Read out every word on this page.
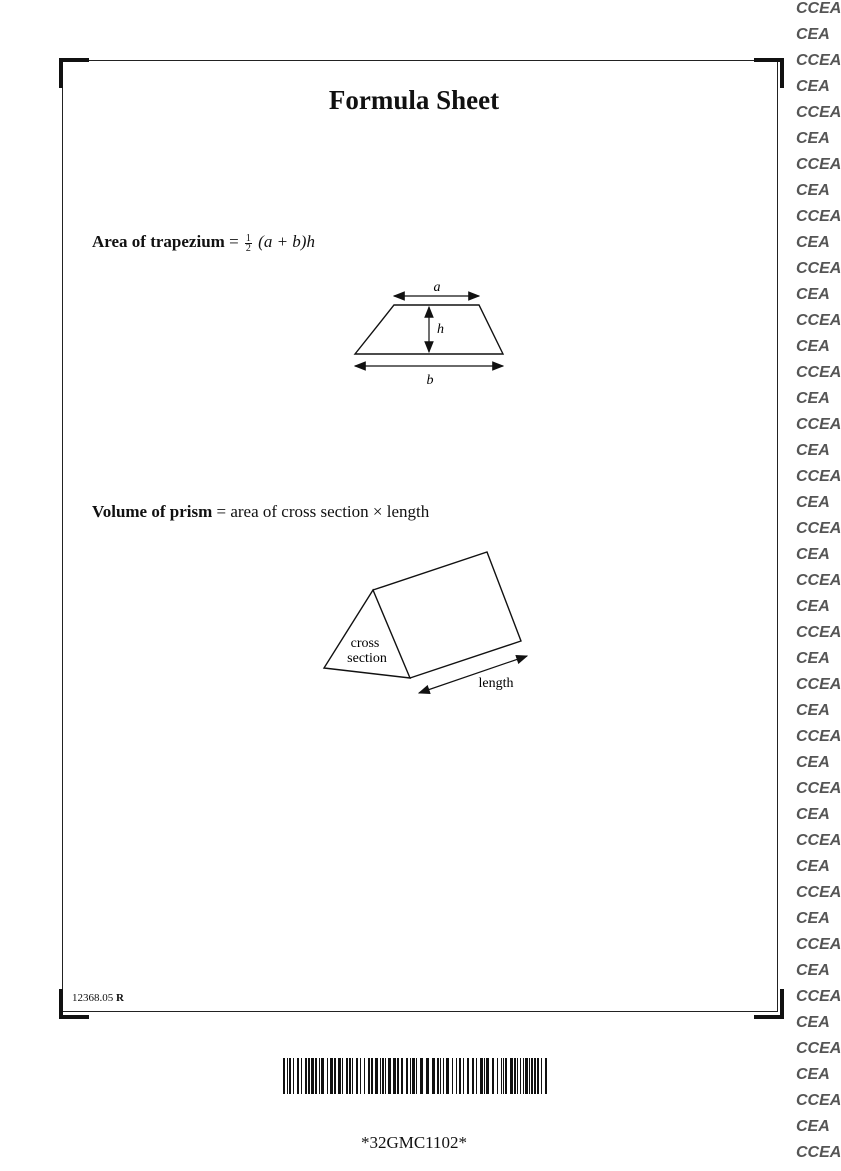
Formula Sheet
Area of trapezium = $\frac{1}{2} (a + b)h$
Volume of prism = area of cross section × length
a
h
b
cross
section
length
12368.05 R
*32GMC1102*
CCEA
CEA
CCEA
CEA
CCEA
CEA
CCEA
CEA
CCEA
CEA
CCEA
CEA
CCEA
CEA
CCEA
CEA
CCEA
CEA
CCEA
CEA
CCEA
CEA
CCEA
CEA
CCEA
CEA
CCEA
CEA
CCEA
CEA
CCEA
CEA
CCEA
CEA
CCEA
CEA
CCEA
CEA
CCEA
CEA
CCEA
CEA
CCEA
CEA
CCEA
